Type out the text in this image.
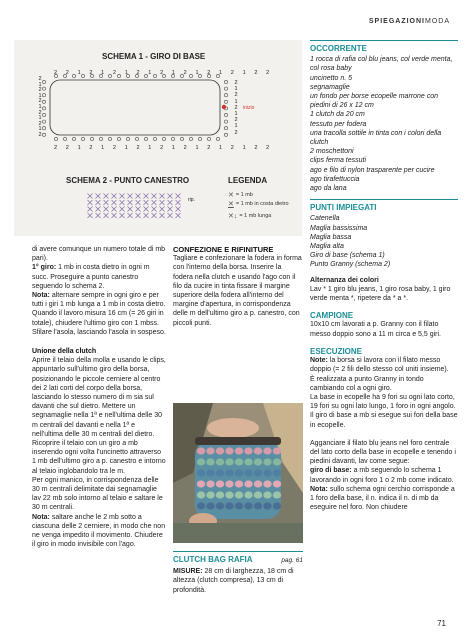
SPIEGAZIONIMODA
SCHEMA 1 - GIRO DI BASE
2 2 1 2 1 2 1 2 1 2 1 2 1 2 1 2 1 2 2
2 2 1 2 1 2 1 2 1 2 1 2 1 2 1 2 1 2 2
2
1
2
1
2
1
2
1
2
1
2
2
1
2
1
2
1
2
1
2
inizio
SCHEMA 2 - PUNTO CANESTRO
rip.
LEGENDA
✕ = 1 mb
✕ = 1 mb in costa dietro
✕↓ = 1 mb lunga
OCCORRENTE
1 rocca di rafia col blu jeans, col verde menta, col rosa baby
uncinetto n. 5
segnamaglie
un fondo per borse ecopelle marrone con piedini di 26 x 12 cm
1 clutch da 20 cm
tessuto per fodera
una tracolla sottile in tinta con i colori della clutch
2 moschettoni
clips ferma tessuti
ago e filo di nylon trasparente per cucire
ago tirafettuccia
ago da lana
PUNTI IMPIEGATI
Catenella
Maglia bassissima
Maglia bassa
Maglia alta
Giro di base (schema 1)
Punto Granny (schema 2)
Alternanza dei colori

Lav * 1 giro blu jeans, 1 giro rosa baby, 1 giro verde menta *, ripetere da * a *.

CAMPIONE

10x10 cm lavorati a p. Granny con il filato messo doppio sono a 11 m circa e 5,5 giri.

ESECUZIONE

Note: la borsa si lavora con il filato messo doppio (= 2 fili dello stesso col uniti insieme).

È realizzata a punto Granny in tondo cambiando col a ogni giro.

La base in ecopelle ha 9 fori su ogni lato corto, 19 fori su ogni lato lungo, 1 foro in ogni angolo.

Il giro di base a mb si esegue sui fori della base in ecopelle.

Agganciare il filato blu jeans nel foro centrale del lato corto della base in ecopelle e tenendo i piedini davanti, lav come segue:

giro di base: a mb seguendo lo schema 1 lavorando in ogni foro 1 o 2 mb come indicato.

Nota: sullo schema ogni cerchio corrisponde a 1 foro della base, il n. indica il n. di mb da eseguire nel foro. Non chiudere

di avere comunque un numero totale di mb pari).

1° giro: 1 mb in costa dietro in ogni m succ. Proseguire a punto canestro seguendo lo schema 2.

Nota: alternare sempre in ogni giro e per tutti i giri 1 mb lunga a 1 mb in costa dietro. Quando il lavoro misura 16 cm (= 26 giri in totale), chiudere l'ultimo giro con 1 mbss. Sfilare l'asola, lasciando l'asola in sospeso.

Unione della clutch

Aprire il telaio della molla e usando le clips, appuntarlo sull'ultimo giro della borsa, posizionando le piccole cerniere al centro dei 2 lati corti del corpo della borsa, lasciando lo stesso numero di m sia sul davanti che sul dietro. Mettere un segnamaglie nella 1ª e nell'ultima delle 30 m centrali del davanti e nella 1ª e nell'ultima delle 30 m centrali del dietro.

Ricoprire il telaio con un giro a mb inserendo ogni volta l'uncinetto attraverso 1 mb dell'ultimo giro a p. canestro e intorno al telaio inglobandolo tra le m.

Per ogni manico, in corrispondenza delle 30 m centrali delimitate dai segnamaglie lav 22 mb solo intorno al telaio e saltare le 30 m centrali.

Nota: saltare anche le 2 mb sotto a ciascuna delle 2 cerniere, in modo che non ne venga impedito il movimento. Chiudere il giro in modo invisibile con l'ago.

CONFEZIONE E RIFINITURE

Tagliare e confezionare la fodera in forma con l'interno della borsa. Inserire la fodera nella clutch e usando l'ago con il filo da cucire in tinta fissare il margine superiore della fodera all'interno del margine d'apertura, in corrispondenza delle m dell'ultimo giro a p. canestro, con piccoli punti.

CLUTCH BAG RAFIA	pag. 61

MISURE: 28 cm di larghezza, 18 cm di altezza (clutch compresa), 13 cm di profondità.

71
